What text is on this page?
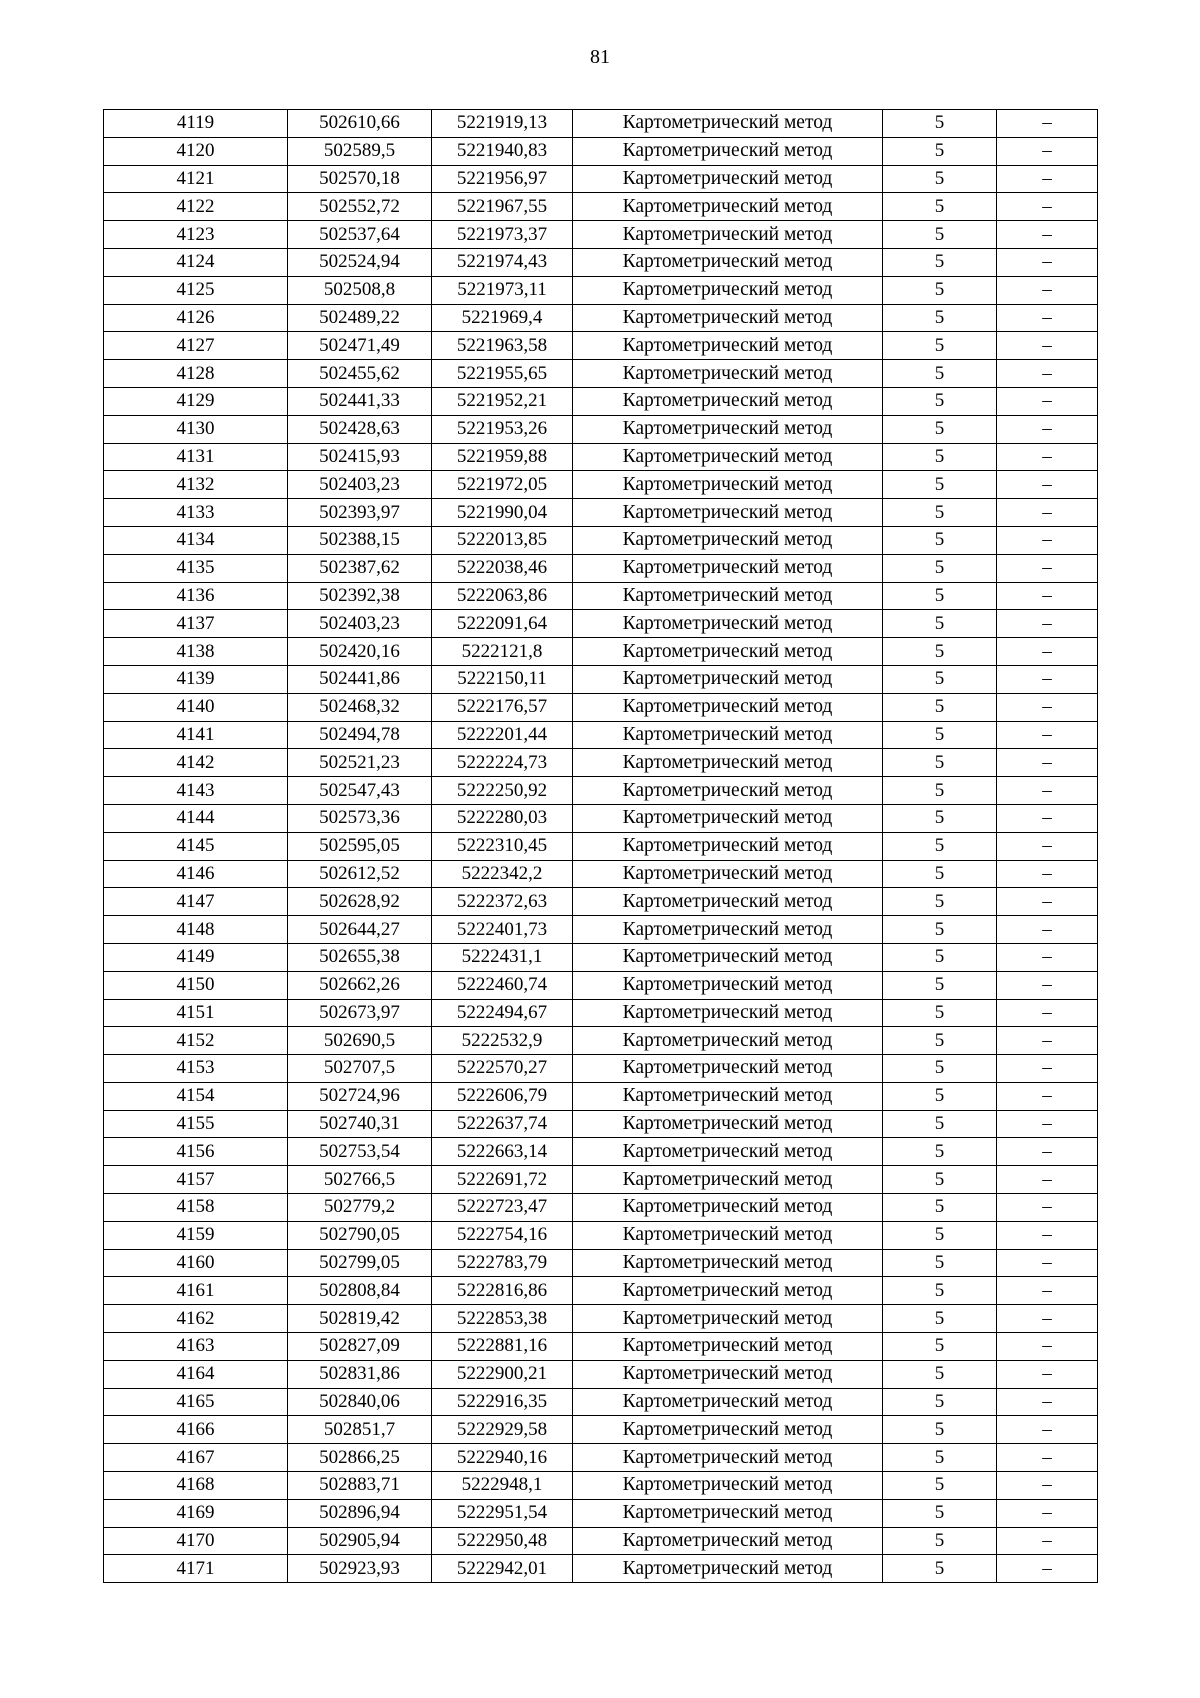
81
4119	502610,66	5221919,13	Картометрический метод	5	–
4120	502589,5	5221940,83	Картометрический метод	5	–
4121	502570,18	5221956,97	Картометрический метод	5	–
4122	502552,72	5221967,55	Картометрический метод	5	–
4123	502537,64	5221973,37	Картометрический метод	5	–
4124	502524,94	5221974,43	Картометрический метод	5	–
4125	502508,8	5221973,11	Картометрический метод	5	–
4126	502489,22	5221969,4	Картометрический метод	5	–
4127	502471,49	5221963,58	Картометрический метод	5	–
4128	502455,62	5221955,65	Картометрический метод	5	–
4129	502441,33	5221952,21	Картометрический метод	5	–
4130	502428,63	5221953,26	Картометрический метод	5	–
4131	502415,93	5221959,88	Картометрический метод	5	–
4132	502403,23	5221972,05	Картометрический метод	5	–
4133	502393,97	5221990,04	Картометрический метод	5	–
4134	502388,15	5222013,85	Картометрический метод	5	–
4135	502387,62	5222038,46	Картометрический метод	5	–
4136	502392,38	5222063,86	Картометрический метод	5	–
4137	502403,23	5222091,64	Картометрический метод	5	–
4138	502420,16	5222121,8	Картометрический метод	5	–
4139	502441,86	5222150,11	Картометрический метод	5	–
4140	502468,32	5222176,57	Картометрический метод	5	–
4141	502494,78	5222201,44	Картометрический метод	5	–
4142	502521,23	5222224,73	Картометрический метод	5	–
4143	502547,43	5222250,92	Картометрический метод	5	–
4144	502573,36	5222280,03	Картометрический метод	5	–
4145	502595,05	5222310,45	Картометрический метод	5	–
4146	502612,52	5222342,2	Картометрический метод	5	–
4147	502628,92	5222372,63	Картометрический метод	5	–
4148	502644,27	5222401,73	Картометрический метод	5	–
4149	502655,38	5222431,1	Картометрический метод	5	–
4150	502662,26	5222460,74	Картометрический метод	5	–
4151	502673,97	5222494,67	Картометрический метод	5	–
4152	502690,5	5222532,9	Картометрический метод	5	–
4153	502707,5	5222570,27	Картометрический метод	5	–
4154	502724,96	5222606,79	Картометрический метод	5	–
4155	502740,31	5222637,74	Картометрический метод	5	–
4156	502753,54	5222663,14	Картометрический метод	5	–
4157	502766,5	5222691,72	Картометрический метод	5	–
4158	502779,2	5222723,47	Картометрический метод	5	–
4159	502790,05	5222754,16	Картометрический метод	5	–
4160	502799,05	5222783,79	Картометрический метод	5	–
4161	502808,84	5222816,86	Картометрический метод	5	–
4162	502819,42	5222853,38	Картометрический метод	5	–
4163	502827,09	5222881,16	Картометрический метод	5	–
4164	502831,86	5222900,21	Картометрический метод	5	–
4165	502840,06	5222916,35	Картометрический метод	5	–
4166	502851,7	5222929,58	Картометрический метод	5	–
4167	502866,25	5222940,16	Картометрический метод	5	–
4168	502883,71	5222948,1	Картометрический метод	5	–
4169	502896,94	5222951,54	Картометрический метод	5	–
4170	502905,94	5222950,48	Картометрический метод	5	–
4171	502923,93	5222942,01	Картометрический метод	5	–
